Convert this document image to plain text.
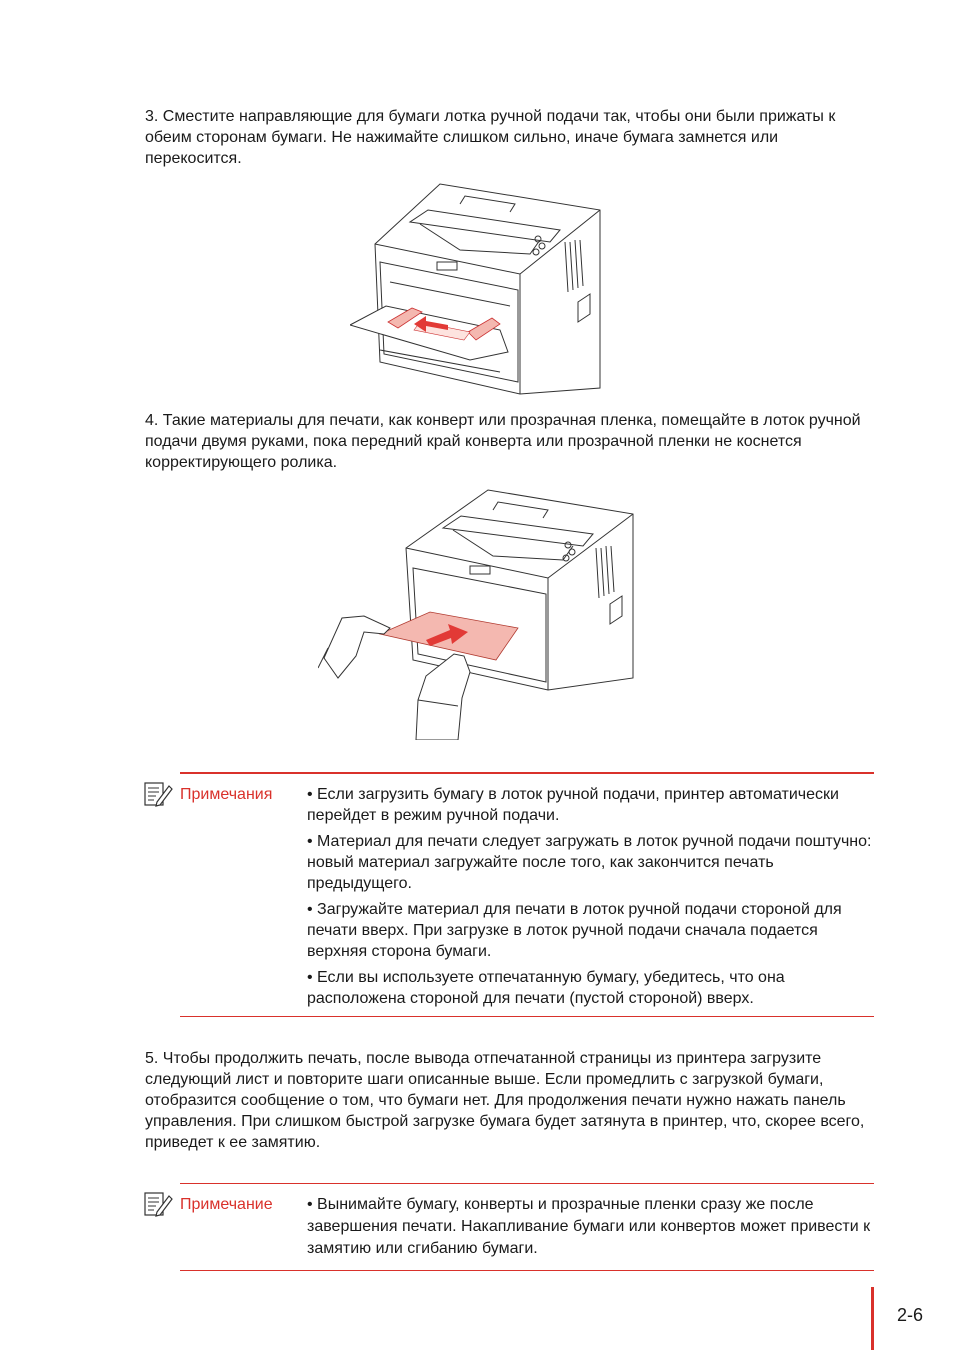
3. Сместите направляющие для бумаги лотка ручной подачи так, чтобы они были прижаты к обеим сторонам бумаги. Не нажимайте слишком сильно, иначе бумага замнется или перекосится.

4. Такие материалы для печати, как конверт или прозрачная пленка, помещайте в лоток ручной подачи двумя руками, пока передний край конверта или прозрачной пленки не коснется корректирующего ролика.

Примечания • Если загрузить бумагу в лоток ручной подачи, принтер автоматически перейдет в режим ручной подачи.

• Материал для печати следует загружать в лоток ручной подачи поштучно: новый материал загружайте после того, как закончится печать предыдущего.

• Загружайте материал для печати в лоток ручной подачи стороной для печати вверх. При загрузке в лоток ручной подачи сначала подается верхняя сторона бумаги.

• Если вы используете отпечатанную бумагу, убедитесь, что она расположена стороной для печати (пустой стороной) вверх.

5. Чтобы продолжить печать, после вывода отпечатанной страницы из принтера загрузите следующий лист и повторите шаги описанные выше. Если промедлить с загрузкой бумаги, отобразится сообщение о том, что бумаги нет. Для продолжения печати нужно нажать панель управления. При слишком быстрой загрузке бумага будет затянута в принтер, что, скорее всего, приведет к ее замятию.

Примечание • Вынимайте бумагу, конверты и прозрачные пленки сразу же после завершения печати. Накапливание бумаги или конвертов может привести к замятию или сгибанию бумаги.

2-6
